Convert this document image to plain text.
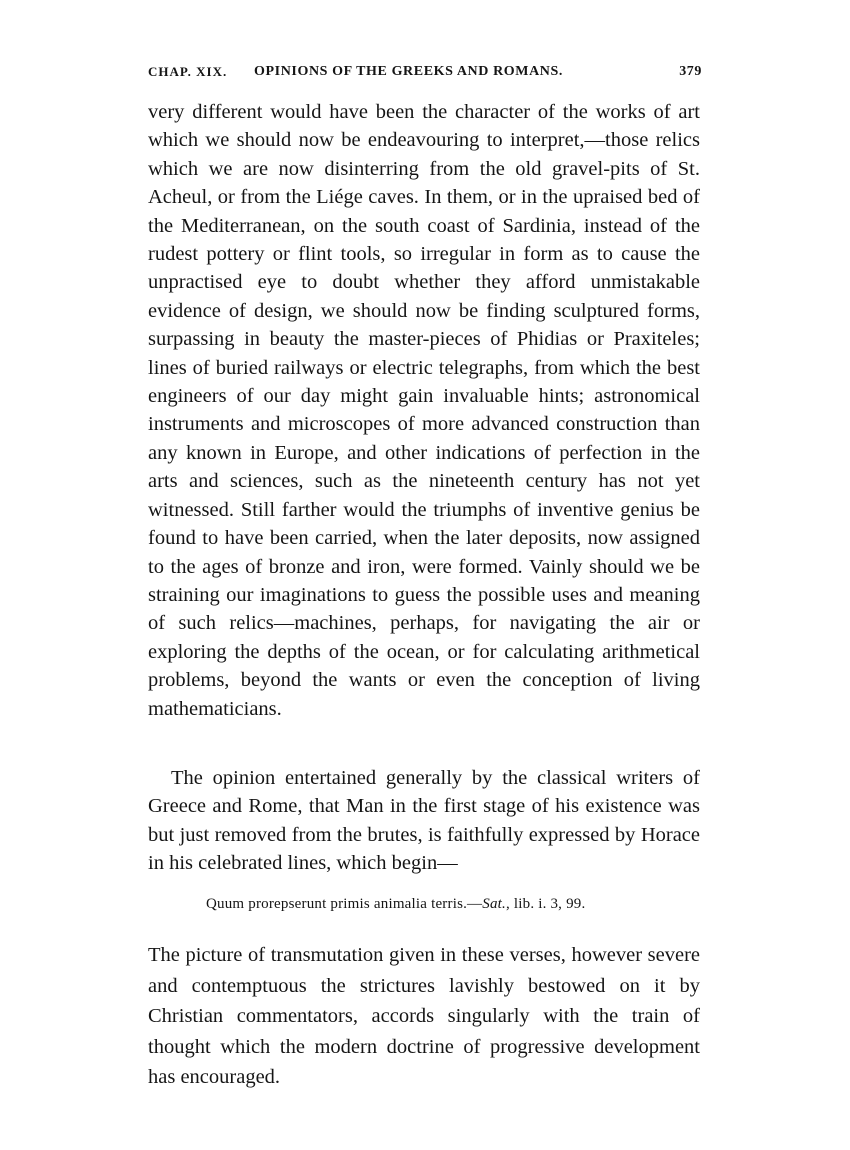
CHAP. XIX. OPINIONS OF THE GREEKS AND ROMANS.	379

very different would have been the character of the works of art which we should now be endeavouring to interpret,—those relics which we are now disinterring from the old gravel-pits of St. Acheul, or from the Liége caves. In them, or in the upraised bed of the Mediterranean, on the south coast of Sardinia, instead of the rudest pottery or flint tools, so irregular in form as to cause the unpractised eye to doubt whether they afford unmistakable evidence of design, we should now be finding sculptured forms, surpassing in beauty the master-pieces of Phidias or Praxiteles; lines of buried railways or electric telegraphs, from which the best engineers of our day might gain invaluable hints; astronomical instruments and microscopes of more advanced construction than any known in Europe, and other indications of perfection in the arts and sciences, such as the nineteenth century has not yet witnessed. Still farther would the triumphs of inventive genius be found to have been carried, when the later deposits, now assigned to the ages of bronze and iron, were formed. Vainly should we be straining our imaginations to guess the possible uses and meaning of such relics—machines, perhaps, for navigating the air or exploring the depths of the ocean, or for calculating arithmetical problems, beyond the wants or even the conception of living mathematicians.

The opinion entertained generally by the classical writers of Greece and Rome, that Man in the first stage of his existence was but just removed from the brutes, is faithfully expressed by Horace in his celebrated lines, which begin—

Quum prorepserunt primis animalia terris.—Sat., lib. i. 3, 99.

The picture of transmutation given in these verses, however severe and contemptuous the strictures lavishly bestowed on it by Christian commentators, accords singularly with the train of thought which the modern doctrine of progressive development has encouraged.
